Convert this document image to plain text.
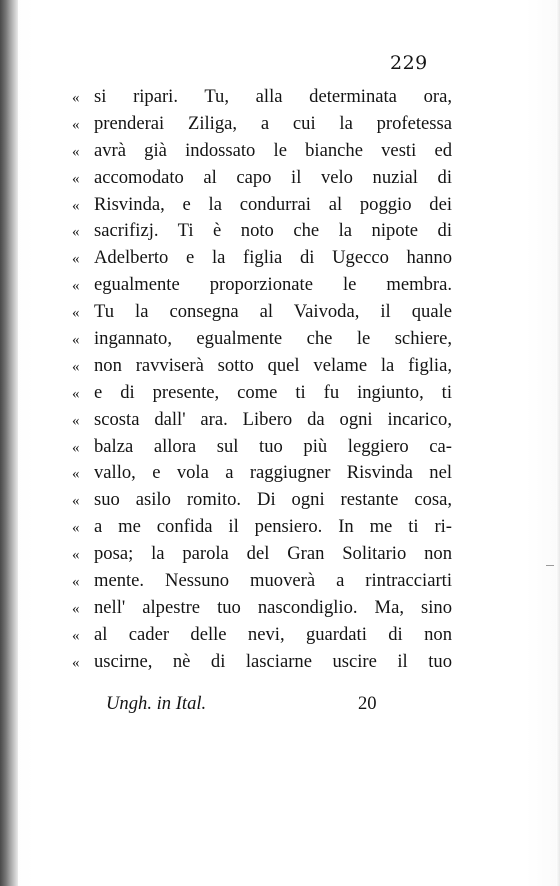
229
« si ripari. Tu, alla determinata ora,
« prenderai Ziliga, a cui la profetessa
« avrà già indossato le bianche vesti ed
« accomodato al capo il velo nuzial di
« Risvinda, e la condurrai al poggio dei
« sacrifizj. Ti è noto che la nipote di
« Adelberto e la figlia di Ugecco hanno
« egualmente proporzionate le membra.
« Tu la consegna al Vaivoda, il quale
« ingannato, egualmente che le schiere,
« non ravviserà sotto quel velame la figlia,
« e di presente, come ti fu ingiunto, ti
« scosta dall' ara. Libero da ogni incarico,
« balza allora sul tuo più leggiero ca-
« vallo, e vola a raggiugner Risvinda nel
« suo asilo romito. Di ogni restante cosa,
« a me confida il pensiero. In me ti ri-
« posa; la parola del Gran Solitario non
« mente. Nessuno muoverà a rintracciarti
« nell' alpestre tuo nascondiglio. Ma, sino
« al cader delle nevi, guardati di non
« uscirne, nè di lasciarne uscire il tuo
Ungh. in Ital.	20
